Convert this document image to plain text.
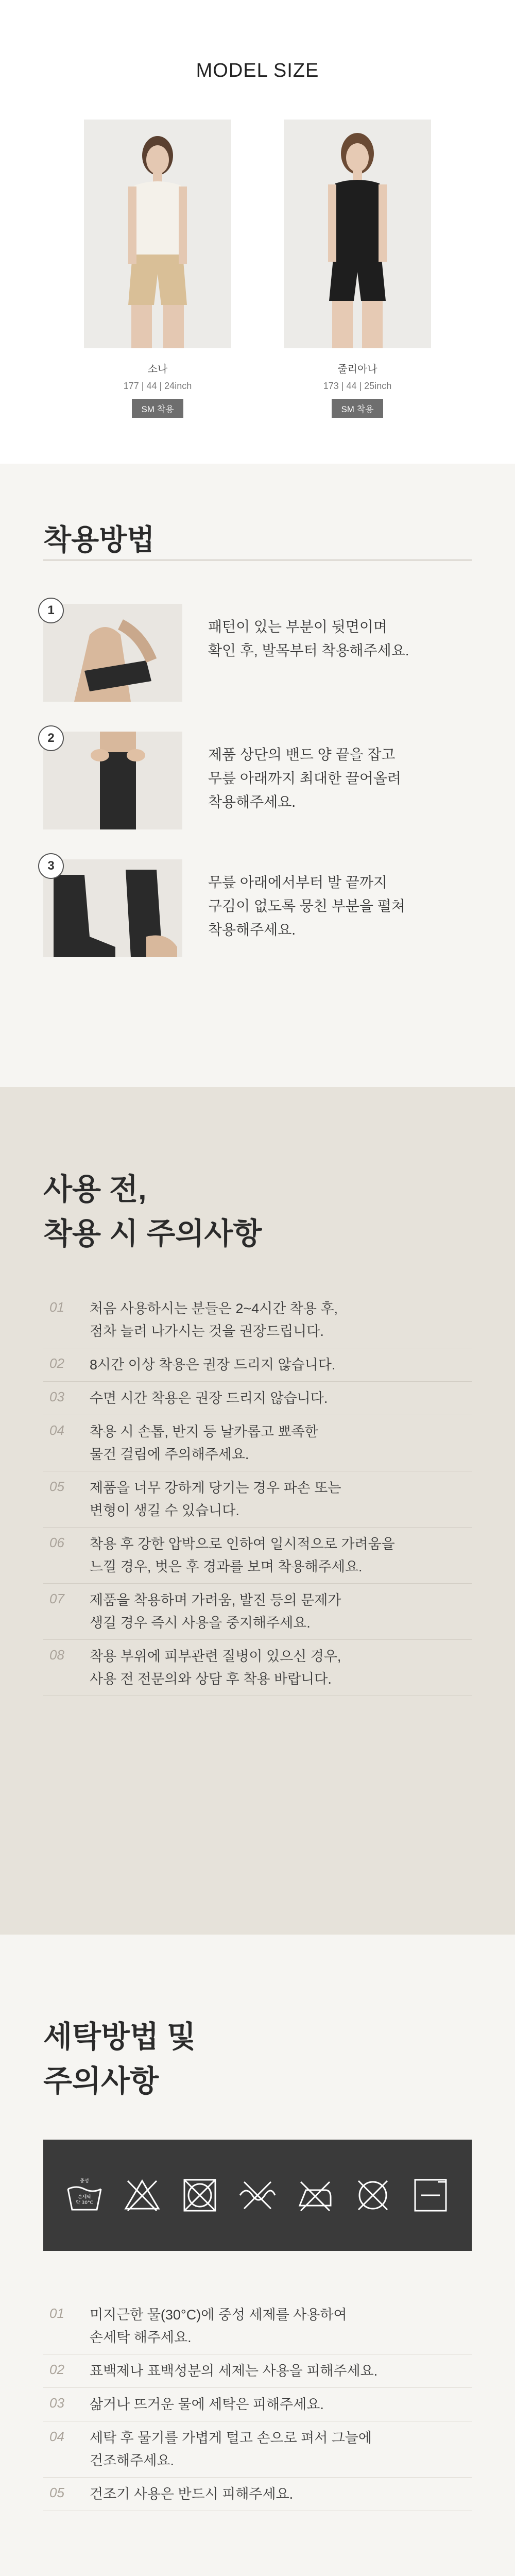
MODEL SIZE
소나
177 | 44 | 24inch
SM 착용
줄리아나
173 | 44 | 25inch
SM 착용
착용방법
1
패턴이 있는 부분이 뒷면이며
확인 후, 발목부터 착용해주세요.
2
제품 상단의 밴드 양 끝을 잡고
무릎 아래까지 최대한 끌어올려
착용해주세요.
3
무릎 아래에서부터 발 끝까지
구김이 없도록 뭉친 부분을 펼쳐
착용해주세요.
사용 전,
착용 시 주의사항
01 처음 사용하시는 분들은 2~4시간 착용 후,
점차 늘려 나가시는 것을 권장드립니다.
02 8시간 이상 착용은 권장 드리지 않습니다.
03 수면 시간 착용은 권장 드리지 않습니다.
04 착용 시 손톱, 반지 등 날카롭고 뾰족한
물건 걸림에 주의해주세요.
05 제품을 너무 강하게 당기는 경우 파손 또는
변형이 생길 수 있습니다.
06 착용 후 강한 압박으로 인하여 일시적으로 가려움을
느낄 경우, 벗은 후 경과를 보며 착용해주세요.
07 제품을 착용하며 가려움, 발진 등의 문제가
생길 경우 즉시 사용을 중지해주세요.
08 착용 부위에 피부관련 질병이 있으신 경우,
사용 전 전문의와 상담 후 착용 바랍니다.
세탁방법 및
주의사항
손세탁
약 30°C
중성
01 미지근한 물(30°C)에 중성 세제를 사용하여
손세탁 해주세요.
02 표백제나 표백성분의 세제는 사용을 피해주세요.
03 삶거나 뜨거운 물에 세탁은 피해주세요.
04 세탁 후 물기를 가볍게 털고 손으로 펴서 그늘에
건조해주세요.
05 건조기 사용은 반드시 피해주세요.
